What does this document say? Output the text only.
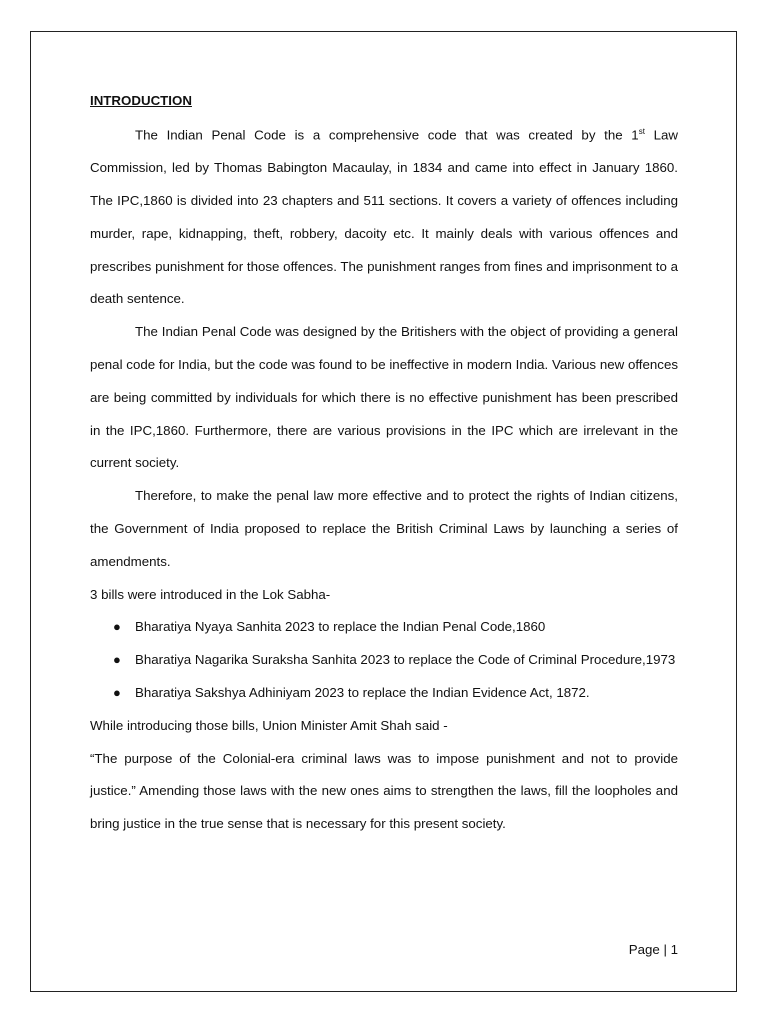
INTRODUCTION

The Indian Penal Code is a comprehensive code that was created by the 1st Law Commission, led by Thomas Babington Macaulay, in 1834 and came into effect in January 1860. The IPC,1860 is divided into 23 chapters and 511 sections. It covers a variety of offences including murder, rape, kidnapping, theft, robbery, dacoity etc. It mainly deals with various offences and prescribes punishment for those offences. The punishment ranges from fines and imprisonment to a death sentence.

The Indian Penal Code was designed by the Britishers with the object of providing a general penal code for India, but the code was found to be ineffective in modern India. Various new offences are being committed by individuals for which there is no effective punishment has been prescribed in the IPC,1860. Furthermore, there are various provisions in the IPC which are irrelevant in the current society.

Therefore, to make the penal law more effective and to protect the rights of Indian citizens, the Government of India proposed to replace the British Criminal Laws by launching a series of amendments.

3 bills were introduced in the Lok Sabha-

● Bharatiya Nyaya Sanhita 2023 to replace the Indian Penal Code,1860
● Bharatiya Nagarika Suraksha Sanhita 2023 to replace the Code of Criminal Procedure,1973
● Bharatiya Sakshya Adhiniyam 2023 to replace the Indian Evidence Act, 1872.

While introducing those bills, Union Minister Amit Shah said -

“The purpose of the Colonial-era criminal laws was to impose punishment and not to provide justice.” Amending those laws with the new ones aims to strengthen the laws, fill the loopholes and bring justice in the true sense that is necessary for this present society.

Page | 1
